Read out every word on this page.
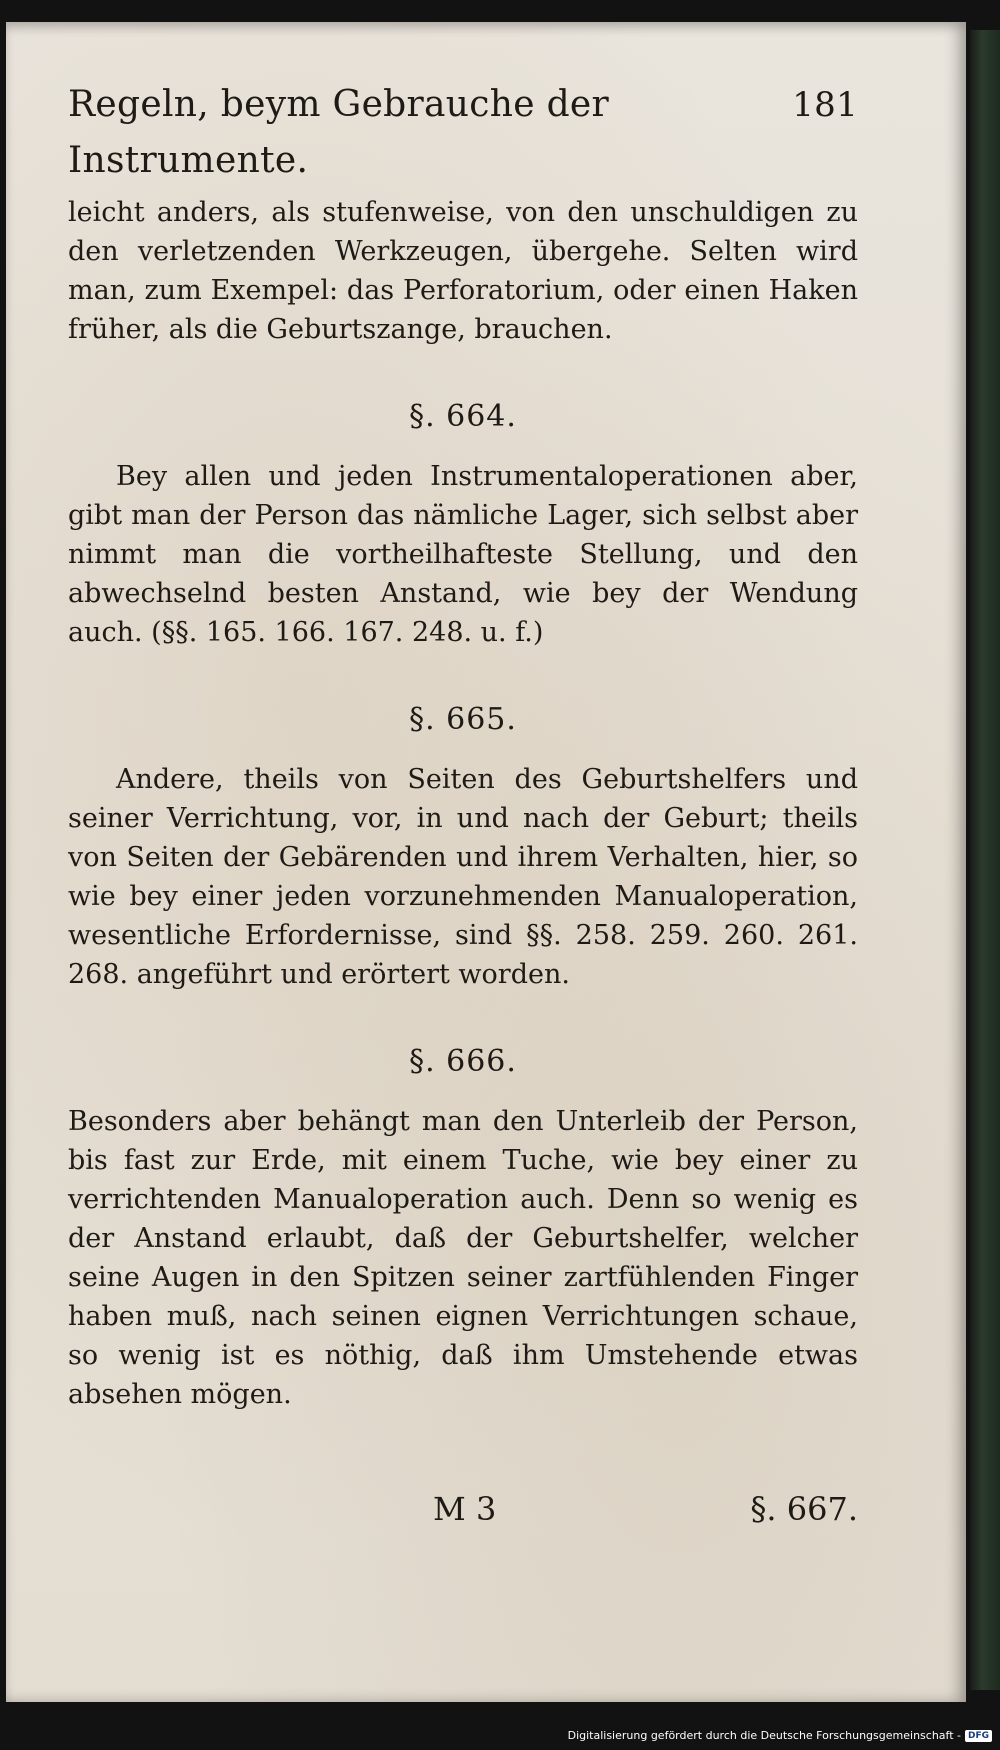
Regeln, beym Gebrauche der Instrumente.
181

leicht anders, als stufenweise, von den unschuldigen zu den verletzenden Werkzeugen, übergehe. Selten wird man, zum Exempel: das Perforatorium, oder einen Haken früher, als die Geburtszange, brauchen.

§. 664.

Bey allen und jeden Instrumentaloperationen aber, gibt man der Person das nämliche Lager, sich selbst aber nimmt man die vortheilhafteste Stellung, und den abwechselnd besten Anstand, wie bey der Wendung auch. (§§. 165. 166. 167. 248. u. f.)

§. 665.

Andere, theils von Seiten des Geburtshelfers und seiner Verrichtung, vor, in und nach der Geburt; theils von Seiten der Gebärenden und ihrem Verhalten, hier, so wie bey einer jeden vorzunehmenden Manualoperation, wesentliche Erfordernisse, sind §§. 258. 259. 260. 261. 268. angeführt und erörtert worden.

§. 666.

Besonders aber behängt man den Unterleib der Person, bis fast zur Erde, mit einem Tuche, wie bey einer zu verrichtenden Manualoperation auch. Denn so wenig es der Anstand erlaubt, daß der Geburtshelfer, welcher seine Augen in den Spitzen seiner zartfühlenden Finger haben muß, nach seinen eignen Verrichtungen schaue, so wenig ist es nöthig, daß ihm Umstehende etwas absehen mögen.

M 3	§. 667.
Digitalisierung gefördert durch die Deutsche Forschungsgemeinschaft - DFG
